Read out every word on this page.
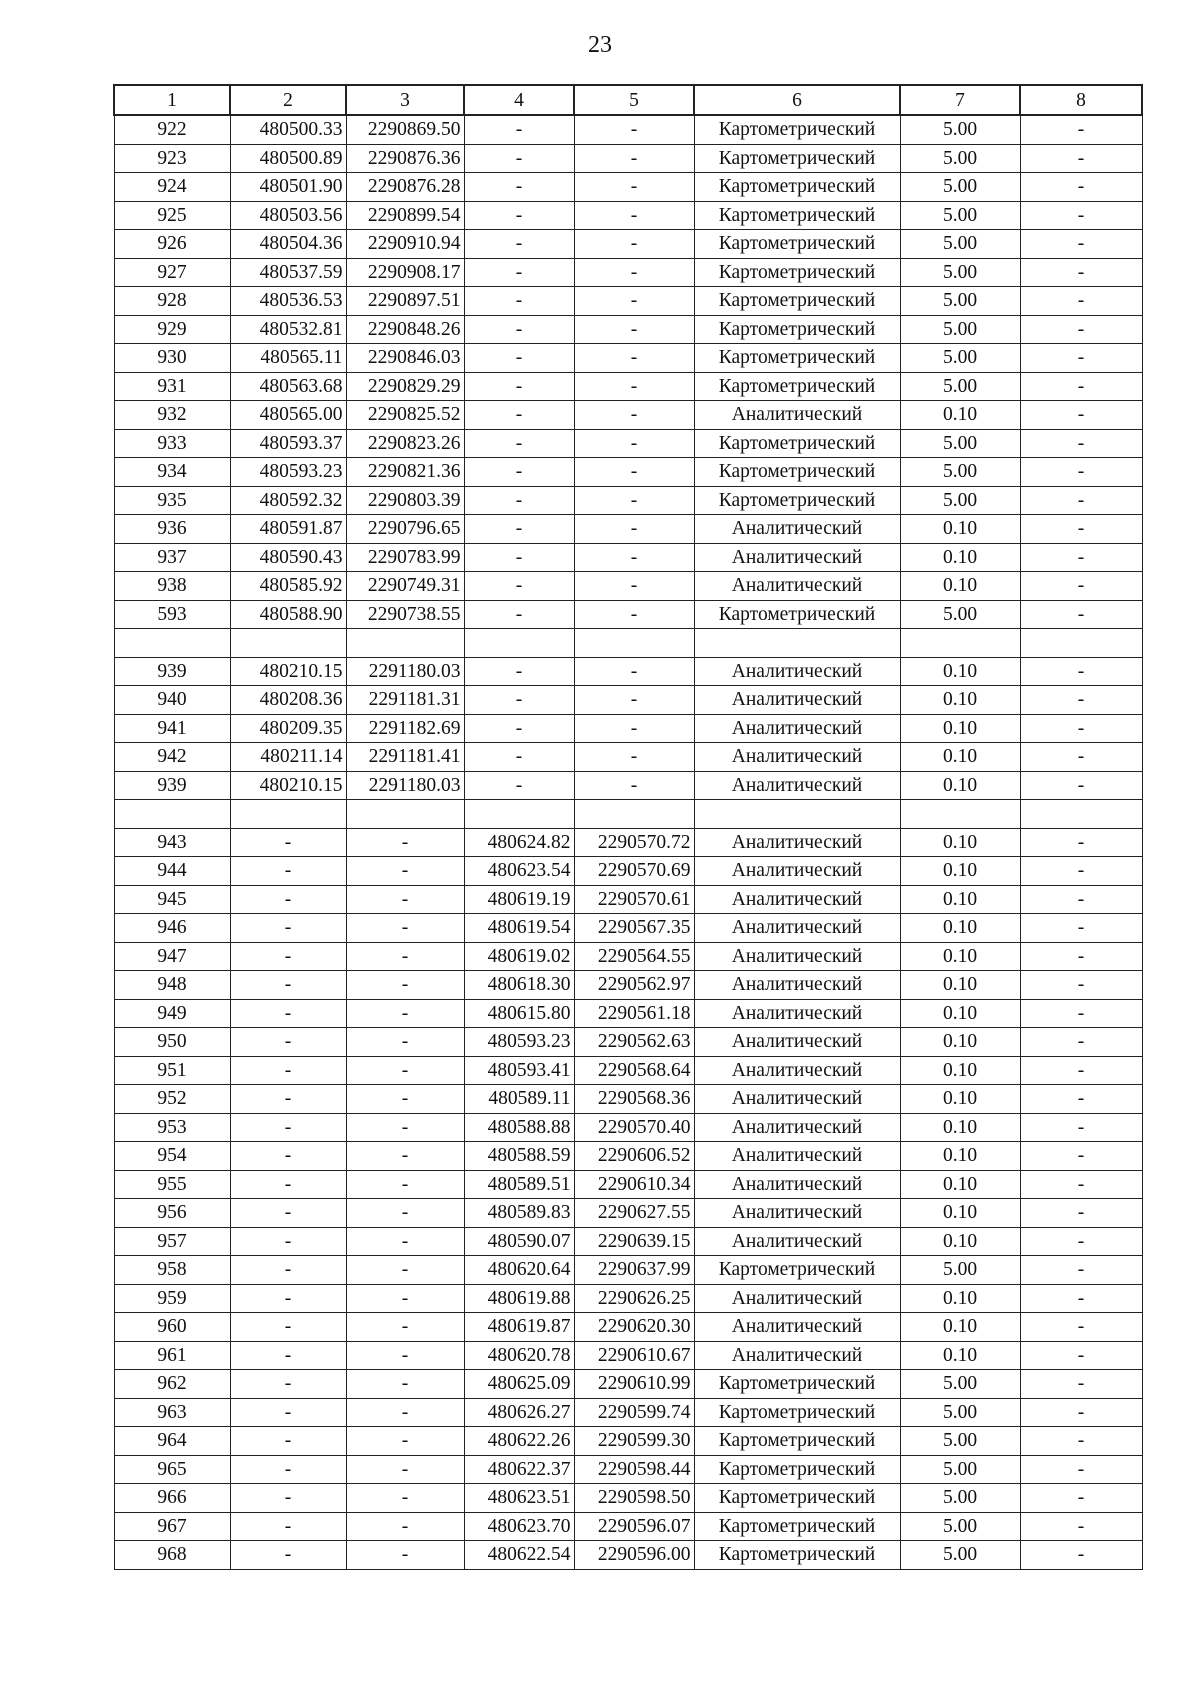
23
1	2	3	4	5	6	7	8
922	480500.33	2290869.50	-	-	Картометрический	5.00	-
923	480500.89	2290876.36	-	-	Картометрический	5.00	-
924	480501.90	2290876.28	-	-	Картометрический	5.00	-
925	480503.56	2290899.54	-	-	Картометрический	5.00	-
926	480504.36	2290910.94	-	-	Картометрический	5.00	-
927	480537.59	2290908.17	-	-	Картометрический	5.00	-
928	480536.53	2290897.51	-	-	Картометрический	5.00	-
929	480532.81	2290848.26	-	-	Картометрический	5.00	-
930	480565.11	2290846.03	-	-	Картометрический	5.00	-
931	480563.68	2290829.29	-	-	Картометрический	5.00	-
932	480565.00	2290825.52	-	-	Аналитический	0.10	-
933	480593.37	2290823.26	-	-	Картометрический	5.00	-
934	480593.23	2290821.36	-	-	Картометрический	5.00	-
935	480592.32	2290803.39	-	-	Картометрический	5.00	-
936	480591.87	2290796.65	-	-	Аналитический	0.10	-
937	480590.43	2290783.99	-	-	Аналитический	0.10	-
938	480585.92	2290749.31	-	-	Аналитический	0.10	-
593	480588.90	2290738.55	-	-	Картометрический	5.00	-

939	480210.15	2291180.03	-	-	Аналитический	0.10	-
940	480208.36	2291181.31	-	-	Аналитический	0.10	-
941	480209.35	2291182.69	-	-	Аналитический	0.10	-
942	480211.14	2291181.41	-	-	Аналитический	0.10	-
939	480210.15	2291180.03	-	-	Аналитический	0.10	-

943	-	-	480624.82	2290570.72	Аналитический	0.10	-
944	-	-	480623.54	2290570.69	Аналитический	0.10	-
945	-	-	480619.19	2290570.61	Аналитический	0.10	-
946	-	-	480619.54	2290567.35	Аналитический	0.10	-
947	-	-	480619.02	2290564.55	Аналитический	0.10	-
948	-	-	480618.30	2290562.97	Аналитический	0.10	-
949	-	-	480615.80	2290561.18	Аналитический	0.10	-
950	-	-	480593.23	2290562.63	Аналитический	0.10	-
951	-	-	480593.41	2290568.64	Аналитический	0.10	-
952	-	-	480589.11	2290568.36	Аналитический	0.10	-
953	-	-	480588.88	2290570.40	Аналитический	0.10	-
954	-	-	480588.59	2290606.52	Аналитический	0.10	-
955	-	-	480589.51	2290610.34	Аналитический	0.10	-
956	-	-	480589.83	2290627.55	Аналитический	0.10	-
957	-	-	480590.07	2290639.15	Аналитический	0.10	-
958	-	-	480620.64	2290637.99	Картометрический	5.00	-
959	-	-	480619.88	2290626.25	Аналитический	0.10	-
960	-	-	480619.87	2290620.30	Аналитический	0.10	-
961	-	-	480620.78	2290610.67	Аналитический	0.10	-
962	-	-	480625.09	2290610.99	Картометрический	5.00	-
963	-	-	480626.27	2290599.74	Картометрический	5.00	-
964	-	-	480622.26	2290599.30	Картометрический	5.00	-
965	-	-	480622.37	2290598.44	Картометрический	5.00	-
966	-	-	480623.51	2290598.50	Картометрический	5.00	-
967	-	-	480623.70	2290596.07	Картометрический	5.00	-
968	-	-	480622.54	2290596.00	Картометрический	5.00	-
